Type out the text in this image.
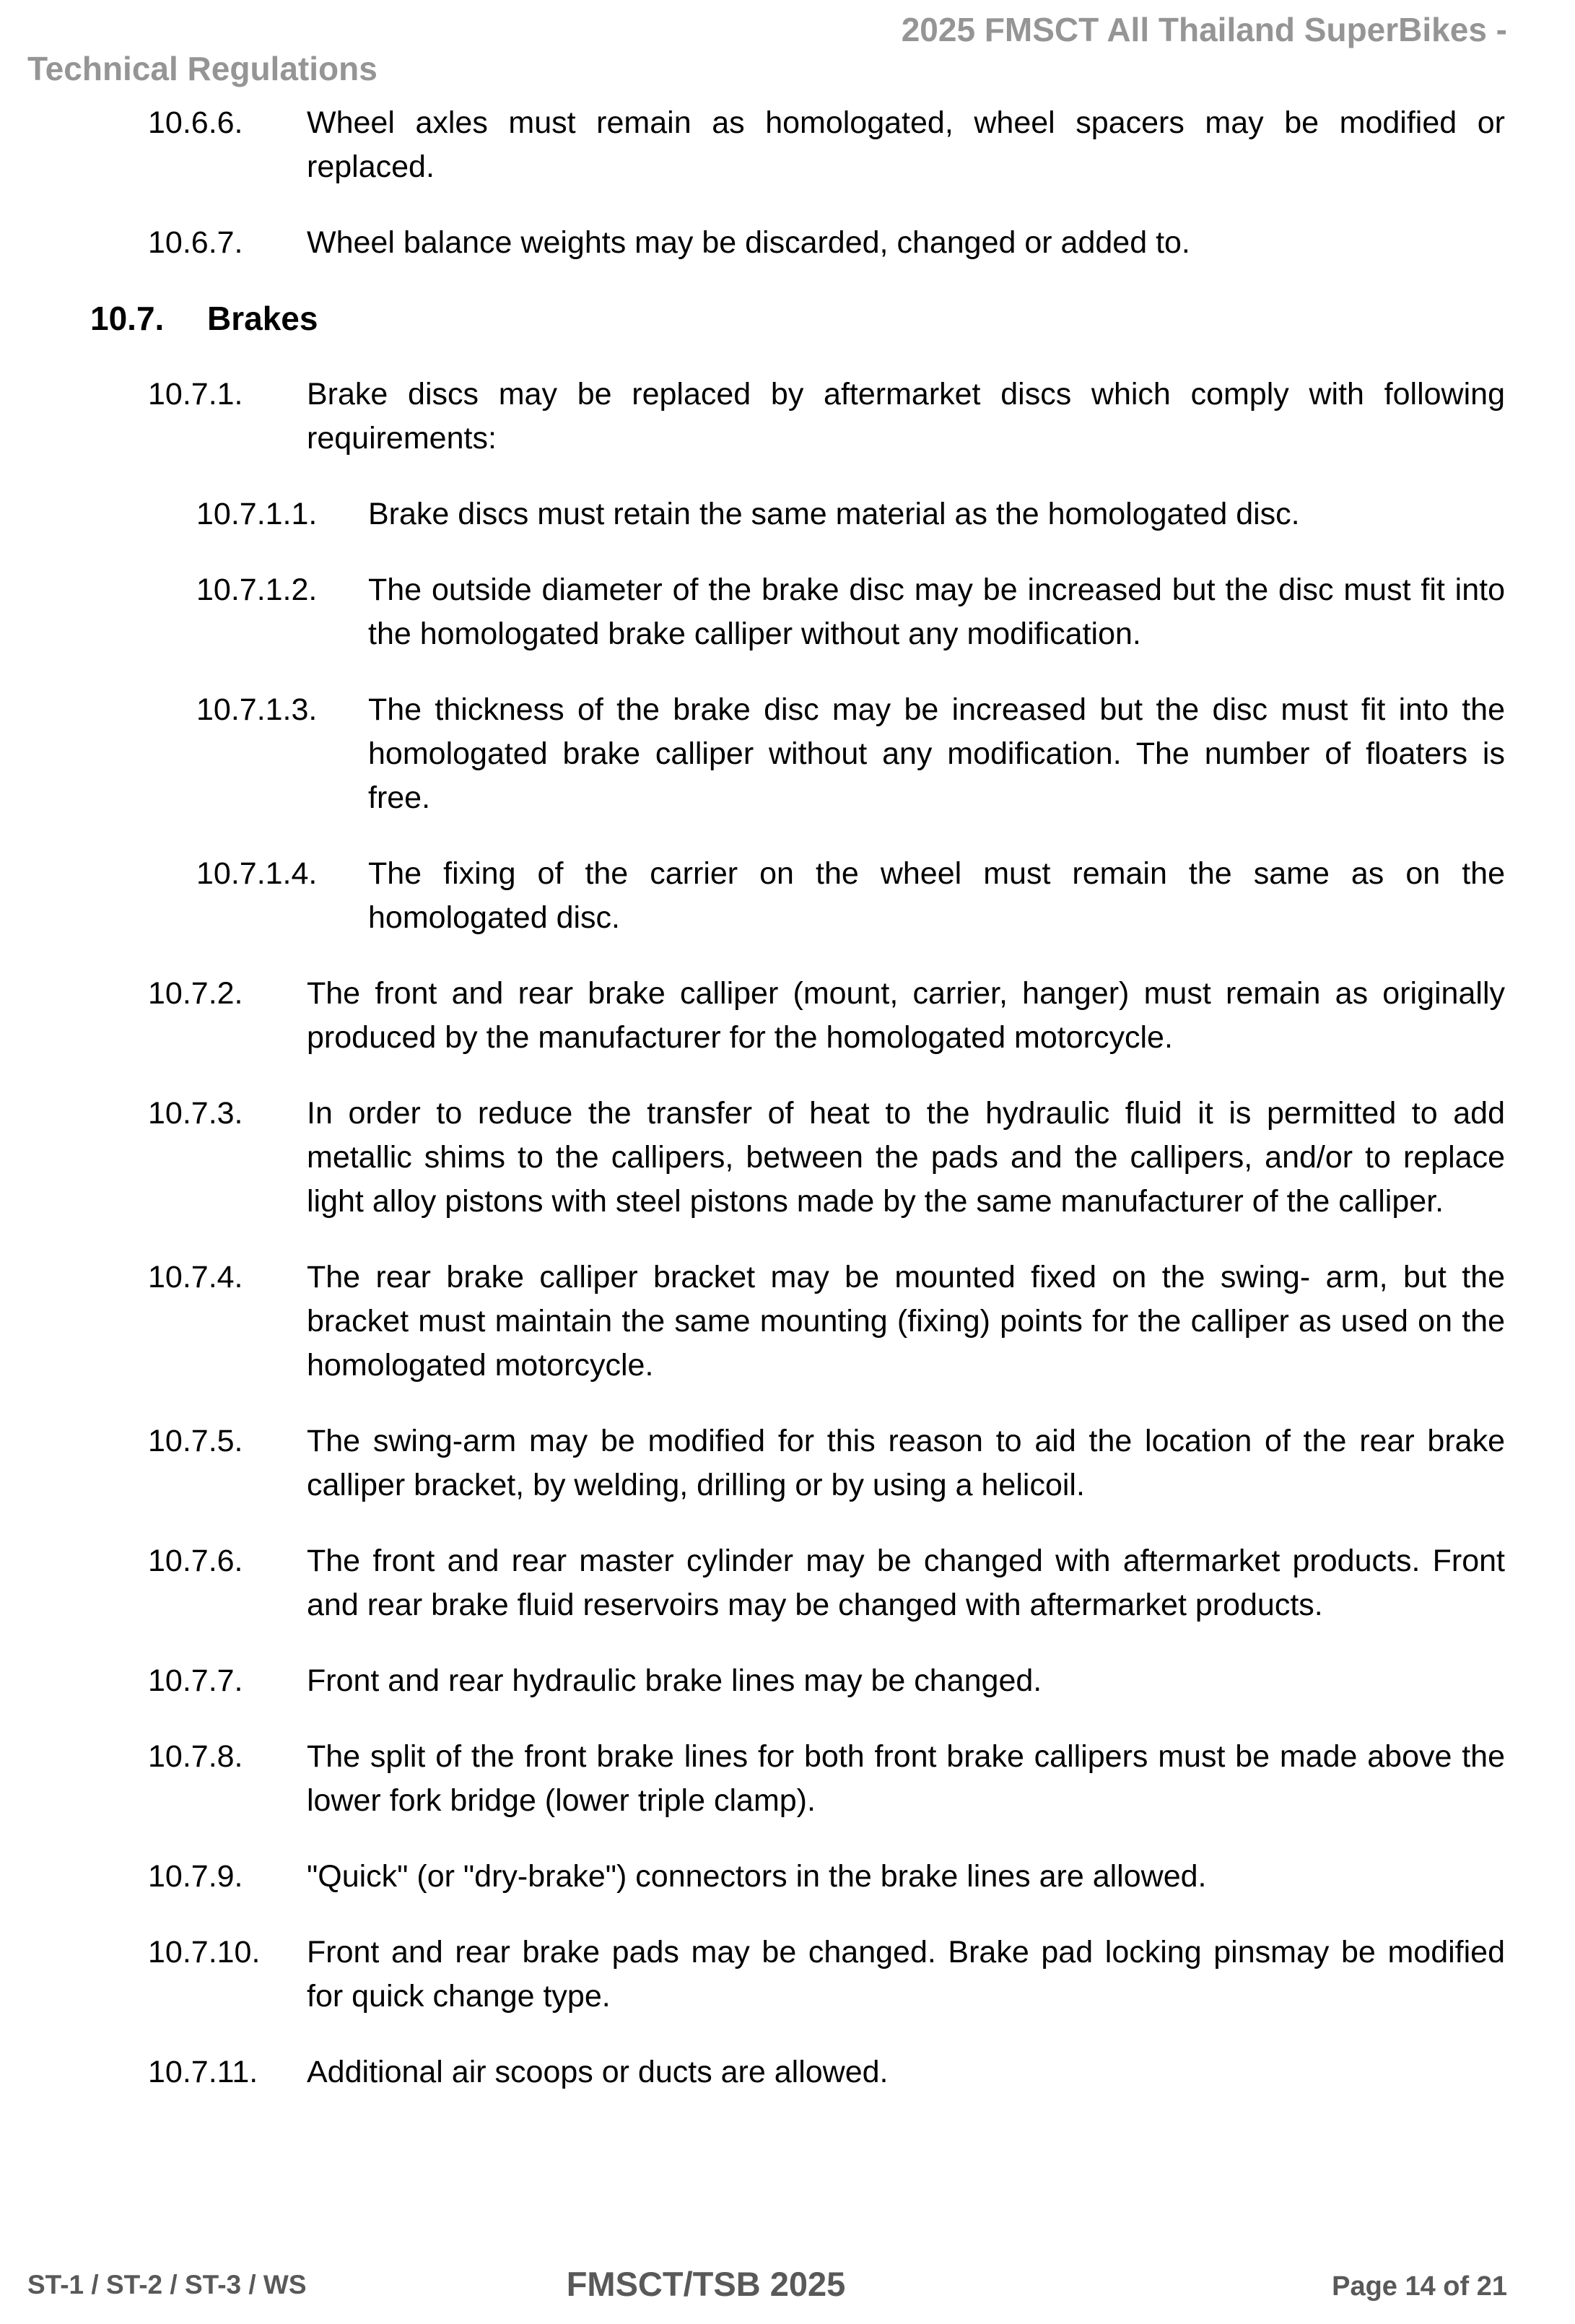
2025 FMSCT All Thailand SuperBikes -
Technical Regulations
10.6.6.	Wheel axles must remain as homologated, wheel spacers may be modified or replaced.
10.6.7.	Wheel balance weights may be discarded, changed or added to.
10.7. Brakes
10.7.1.	Brake discs may be replaced by aftermarket discs which comply with following requirements:
10.7.1.1.	Brake discs must retain the same material as the homologated disc.
10.7.1.2.	The outside diameter of the brake disc may be increased but the disc must fit into the homologated brake calliper without any modification.
10.7.1.3.	The thickness of the brake disc may be increased but the disc must fit into the homologated brake calliper without any modification. The number of floaters is free.
10.7.1.4.	The fixing of the carrier on the wheel must remain the same as on the homologated disc.
10.7.2.	The front and rear brake calliper (mount, carrier, hanger) must remain as originally produced by the manufacturer for the homologated motorcycle.
10.7.3.	In order to reduce the transfer of heat to the hydraulic fluid it is permitted to add metallic shims to the callipers, between the pads and the callipers, and/or to replace light alloy pistons with steel pistons made by the same manufacturer of the calliper.
10.7.4.	The rear brake calliper bracket may be mounted fixed on the swing- arm, but the bracket must maintain the same mounting (fixing) points for the calliper as used on the homologated motorcycle.
10.7.5.	The swing-arm may be modified for this reason to aid the location of the rear brake calliper bracket, by welding, drilling or by using a helicoil.
10.7.6.	The front and rear master cylinder may be changed with aftermarket products. Front and rear brake fluid reservoirs may be changed with aftermarket products.
10.7.7.	Front and rear hydraulic brake lines may be changed.
10.7.8.	The split of the front brake lines for both front brake callipers must be made above the lower fork bridge (lower triple clamp).
10.7.9.	"Quick" (or "dry-brake") connectors in the brake lines are allowed.
10.7.10.	Front and rear brake pads may be changed. Brake pad locking pinsmay be modified for quick change type.
10.7.11.	Additional air scoops or ducts are allowed.
ST-1 / ST-2 / ST-3 / WS	FMSCT/TSB 2025	Page 14 of 21
